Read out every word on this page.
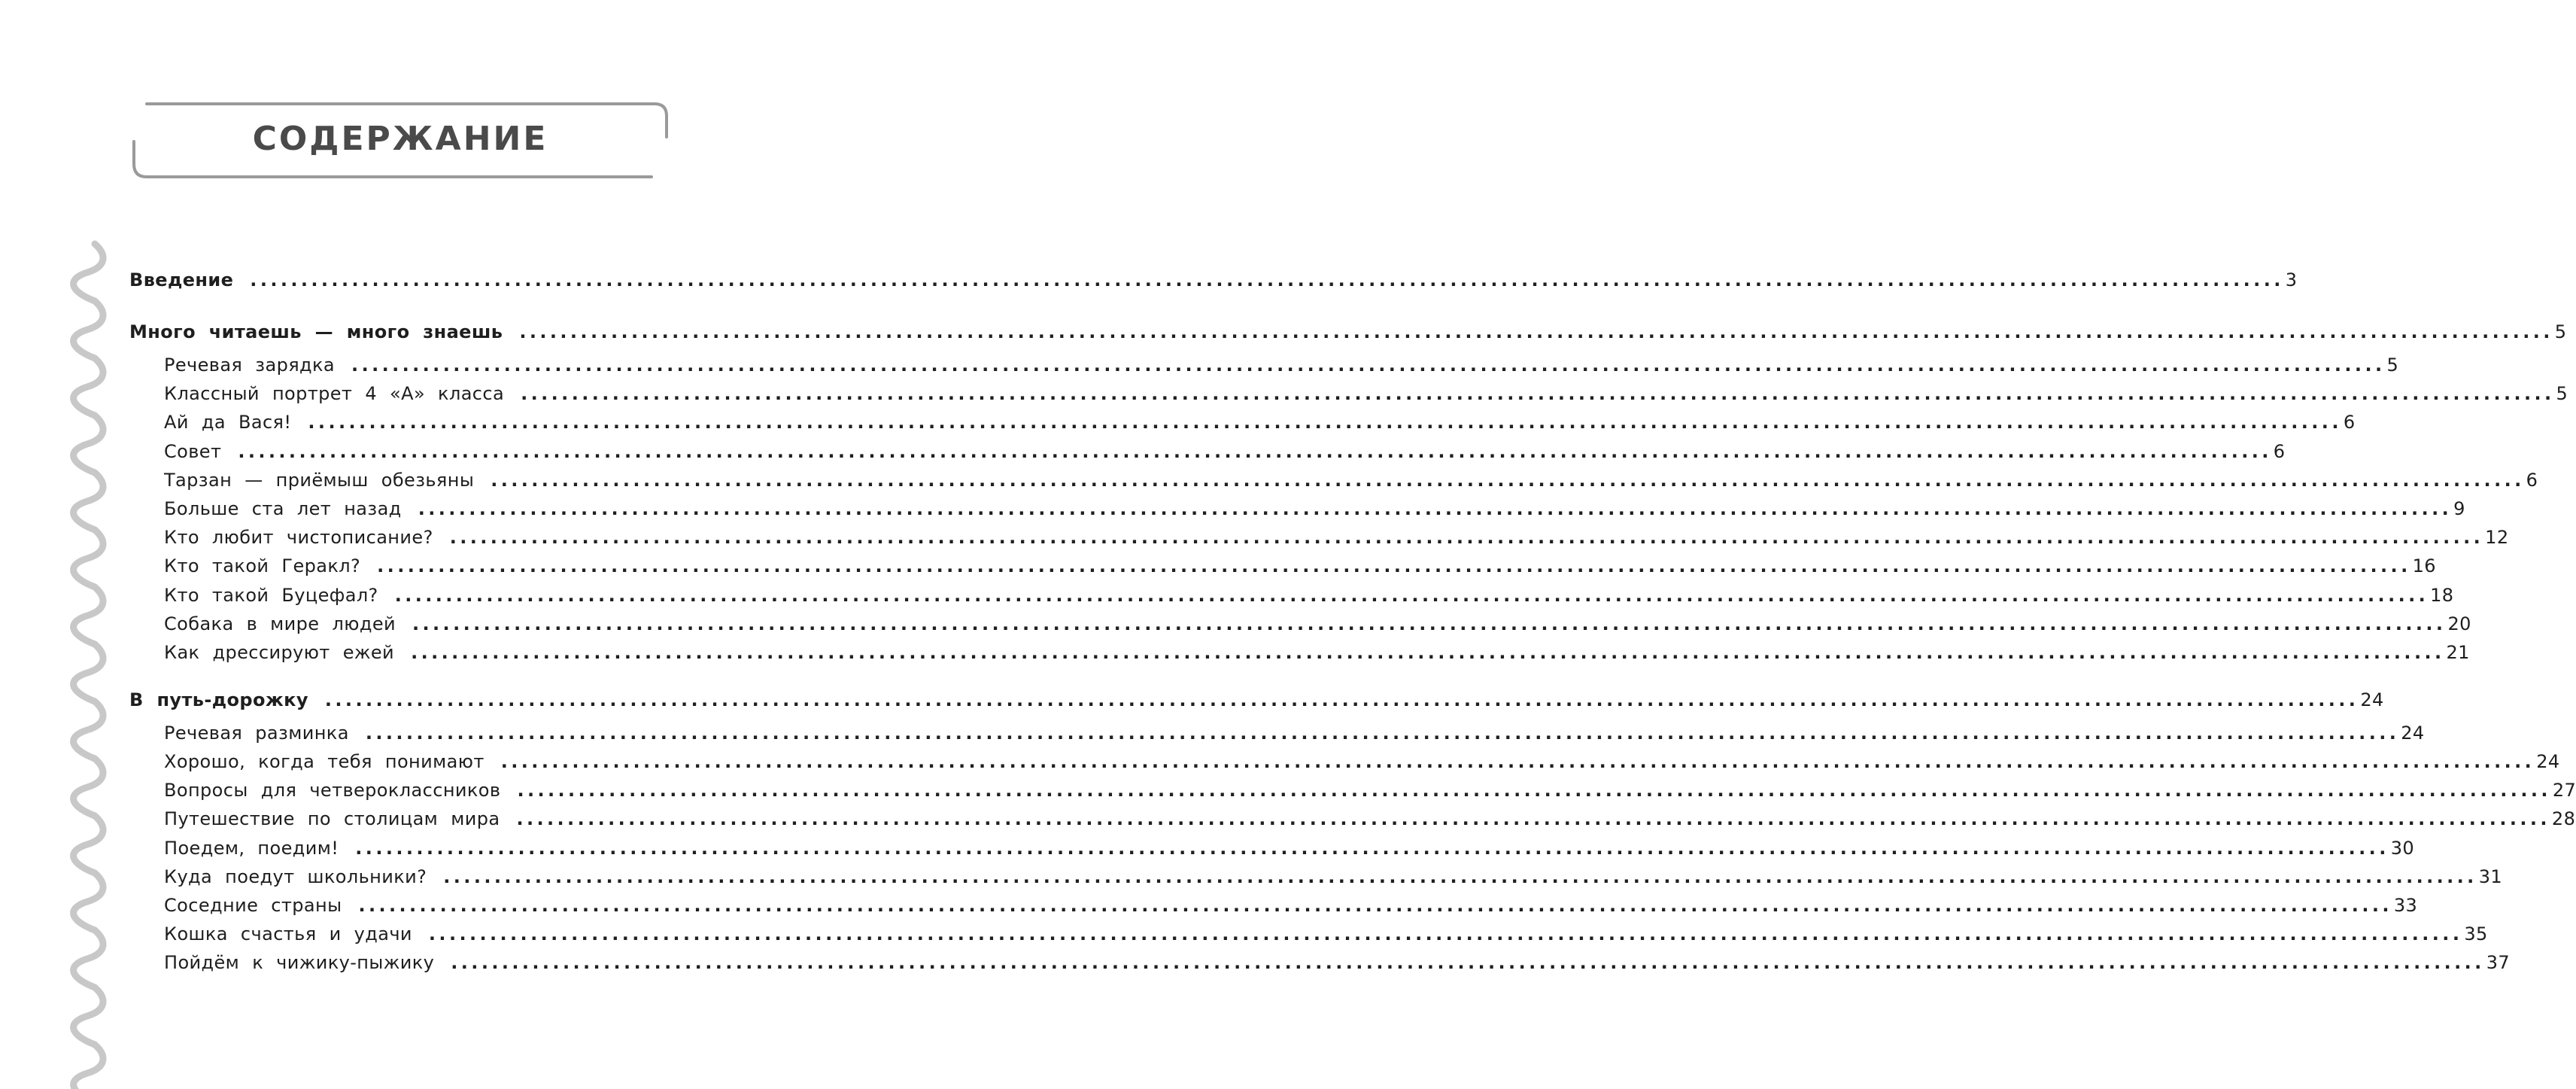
СОДЕРЖАНИЕ
Введение ........................................................................................................................................................................................................ 3
Много читаешь — много знаешь ........................................................................................................................................................................................................ 5
Речевая зарядка ........................................................................................................................................................................................................ 5
Классный портрет 4 «А» класса ........................................................................................................................................................................................................ 5
Ай да Вася! ........................................................................................................................................................................................................ 6
Совет ........................................................................................................................................................................................................ 6
Тарзан — приёмыш обезьяны ........................................................................................................................................................................................................ 6
Больше ста лет назад ........................................................................................................................................................................................................ 9
Кто любит чистописание? ........................................................................................................................................................................................................ 12
Кто такой Геракл? ........................................................................................................................................................................................................ 16
Кто такой Буцефал? ........................................................................................................................................................................................................ 18
Собака в мире людей ........................................................................................................................................................................................................ 20
Как дрессируют ежей ........................................................................................................................................................................................................ 21
В путь-дорожку ........................................................................................................................................................................................................ 24
Речевая разминка ........................................................................................................................................................................................................ 24
Хорошо, когда тебя понимают ........................................................................................................................................................................................................ 24
Вопросы для четвероклассников ........................................................................................................................................................................................................ 27
Путешествие по столицам мира ........................................................................................................................................................................................................ 28
Поедем, поедим! ........................................................................................................................................................................................................ 30
Куда поедут школьники? ........................................................................................................................................................................................................ 31
Соседние страны ........................................................................................................................................................................................................ 33
Кошка счастья и удачи ........................................................................................................................................................................................................ 35
Пойдём к чижику-пыжику ........................................................................................................................................................................................................ 37
